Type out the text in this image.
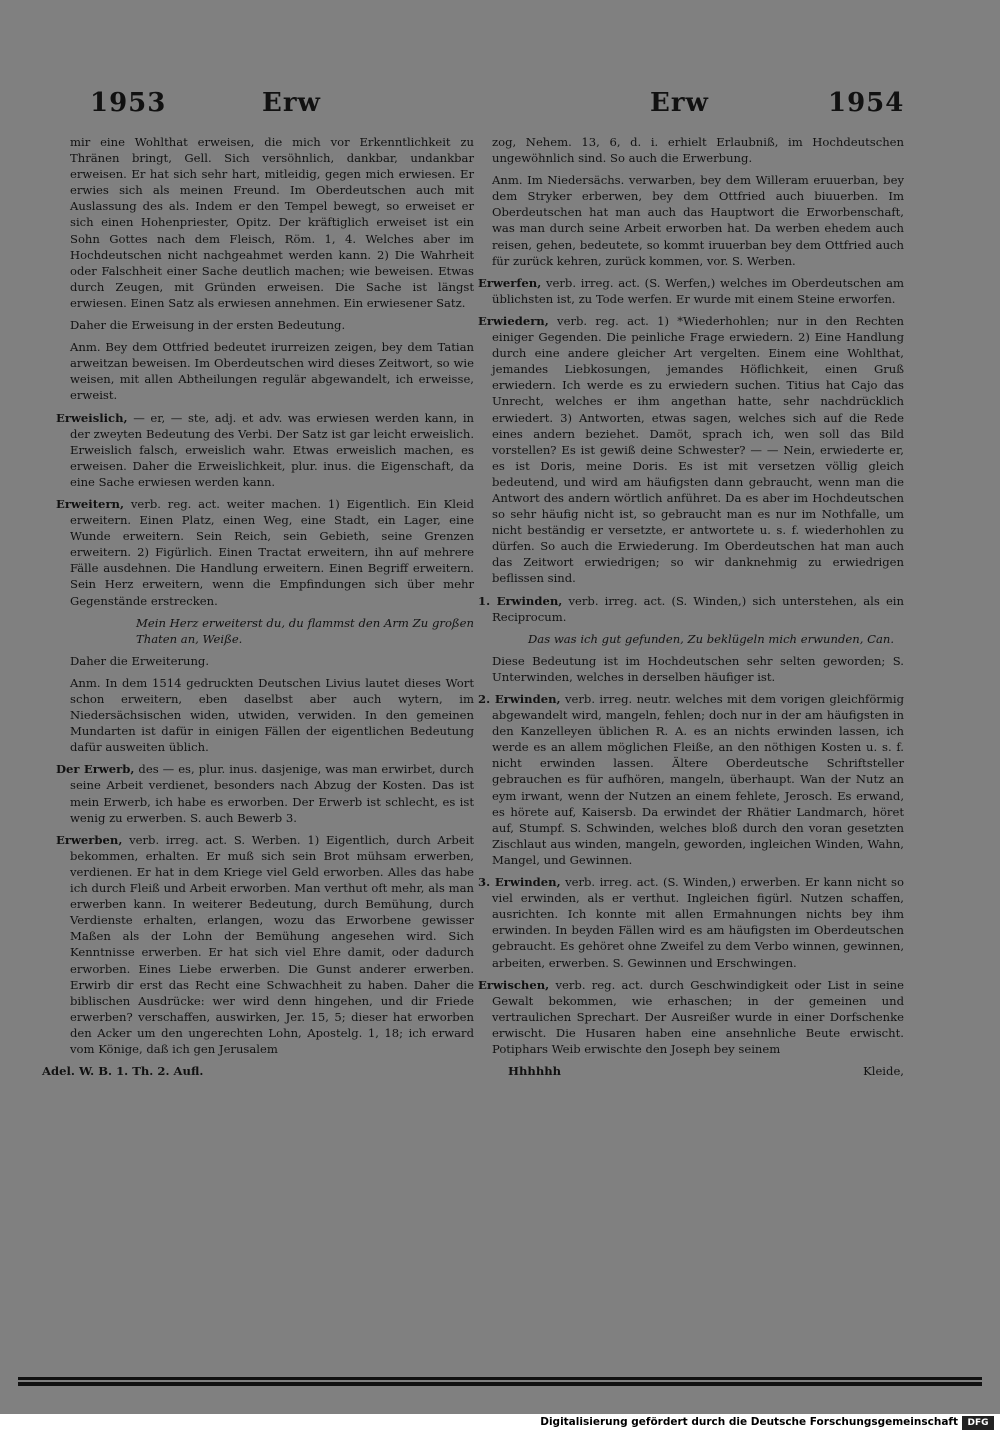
1953	Erw	Erw	1954

mir eine Wohlthat erweisen, die mich vor Erkenntlichkeit zu Thränen bringt, Gell. Sich versöhnlich, dankbar, undankbar erweisen. Er hat sich sehr hart, mitleidig, gegen mich erwiesen. Er erwies sich als meinen Freund. Im Oberdeutschen auch mit Auslassung des als. Indem er den Tempel bewegt, so erweiset er sich einen Hohenpriester, Opitz. Der kräftiglich erweiset ist ein Sohn Gottes nach dem Fleisch, Röm. 1, 4. Welches aber im Hochdeutschen nicht nachgeahmet werden kann. 2) Die Wahrheit oder Falschheit einer Sache deutlich machen; wie beweisen. Etwas durch Zeugen, mit Gründen erweisen. Die Sache ist längst erwiesen. Einen Satz als erwiesen annehmen. Ein erwiesener Satz.

Daher die Erweisung in der ersten Bedeutung.

Anm. Bey dem Ottfried bedeutet irurreizen zeigen, bey dem Tatian arweitzan beweisen. Im Oberdeutschen wird dieses Zeitwort, so wie weisen, mit allen Abtheilungen regulär abgewandelt, ich erweisse, erweist.

Erweislich, — er, — ste, adj. et adv. was erwiesen werden kann, in der zweyten Bedeutung des Verbi. Der Satz ist gar leicht erweislich. Erweislich falsch, erweislich wahr. Etwas erweislich machen, es erweisen. Daher die Erweislichkeit, plur. inus. die Eigenschaft, da eine Sache erwiesen werden kann.

Erweitern, verb. reg. act. weiter machen. 1) Eigentlich. Ein Kleid erweitern. Einen Platz, einen Weg, eine Stadt, ein Lager, eine Wunde erweitern. Sein Reich, sein Gebieth, seine Grenzen erweitern. 2) Figürlich. Einen Tractat erweitern, ihn auf mehrere Fälle ausdehnen. Die Handlung erweitern. Einen Begriff erweitern. Sein Herz erweitern, wenn die Empfindungen sich über mehr Gegenstände erstrecken.

Mein Herz erweiterst du, du flammst den Arm Zu großen Thaten an, Weiße.

Daher die Erweiterung.

Anm. In dem 1514 gedruckten Deutschen Livius lautet dieses Wort schon erweitern, eben daselbst aber auch wytern, im Niedersächsischen widen, utwiden, verwiden. In den gemeinen Mundarten ist dafür in einigen Fällen der eigentlichen Bedeutung dafür ausweiten üblich.

Der Erwerb, des — es, plur. inus. dasjenige, was man erwirbet, durch seine Arbeit verdienet, besonders nach Abzug der Kosten. Das ist mein Erwerb, ich habe es erworben. Der Erwerb ist schlecht, es ist wenig zu erwerben. S. auch Bewerb 3.

Erwerben, verb. irreg. act. S. Werben. 1) Eigentlich, durch Arbeit bekommen, erhalten. Er muß sich sein Brot mühsam erwerben, verdienen. Er hat in dem Kriege viel Geld erworben. Alles das habe ich durch Fleiß und Arbeit erworben. Man verthut oft mehr, als man erwerben kann. In weiterer Bedeutung, durch Bemühung, durch Verdienste erhalten, erlangen, wozu das Erworbene gewisser Maßen als der Lohn der Bemühung angesehen wird. Sich Kenntnisse erwerben. Er hat sich viel Ehre damit, oder dadurch erworben. Eines Liebe erwerben. Die Gunst anderer erwerben. Erwirb dir erst das Recht eine Schwachheit zu haben. Daher die biblischen Ausdrücke: wer wird denn hingehen, und dir Friede erwerben? verschaffen, auswirken, Jer. 15, 5; dieser hat erworben den Acker um den ungerechten Lohn, Apostelg. 1, 18; ich erward vom Könige, daß ich gen Jerusalem

Adel. W. B. 1. Th. 2. Aufl.

zog, Nehem. 13, 6, d. i. erhielt Erlaubniß, im Hochdeutschen ungewöhnlich sind. So auch die Erwerbung.

Anm. Im Niedersächs. verwarben, bey dem Willeram eruuerban, bey dem Stryker erberwen, bey dem Ottfried auch biuuerben. Im Oberdeutschen hat man auch das Hauptwort die Erworbenschaft, was man durch seine Arbeit erworben hat. Da werben ehedem auch reisen, gehen, bedeutete, so kommt iruuerban bey dem Ottfried auch für zurück kehren, zurück kommen, vor. S. Werben.

Erwerfen, verb. irreg. act. (S. Werfen,) welches im Oberdeutschen am üblichsten ist, zu Tode werfen. Er wurde mit einem Steine erworfen.

Erwiedern, verb. reg. act. 1) *Wiederhohlen; nur in den Rechten einiger Gegenden. Die peinliche Frage erwiedern. 2) Eine Handlung durch eine andere gleicher Art vergelten. Einem eine Wohlthat, jemandes Liebkosungen, jemandes Höflichkeit, einen Gruß erwiedern. Ich werde es zu erwiedern suchen. Titius hat Cajo das Unrecht, welches er ihm angethan hatte, sehr nachdrücklich erwiedert. 3) Antworten, etwas sagen, welches sich auf die Rede eines andern beziehet. Damöt, sprach ich, wen soll das Bild vorstellen? Es ist gewiß deine Schwester? — — Nein, erwiederte er, es ist Doris, meine Doris. Es ist mit versetzen völlig gleich bedeutend, und wird am häufigsten dann gebraucht, wenn man die Antwort des andern wörtlich anführet. Da es aber im Hochdeutschen so sehr häufig nicht ist, so gebraucht man es nur im Nothfalle, um nicht beständig er versetzte, er antwortete u. s. f. wiederhohlen zu dürfen. So auch die Erwiederung. Im Oberdeutschen hat man auch das Zeitwort erwiedrigen; so wir danknehmig zu erwiedrigen beflissen sind.

1. Erwinden, verb. irreg. act. (S. Winden,) sich unterstehen, als ein Reciprocum.

Das was ich gut gefunden, Zu beklügeln mich erwunden, Can.

Diese Bedeutung ist im Hochdeutschen sehr selten geworden; S. Unterwinden, welches in derselben häufiger ist.

2. Erwinden, verb. irreg. neutr. welches mit dem vorigen gleichförmig abgewandelt wird, mangeln, fehlen; doch nur in der am häufigsten in den Kanzelleyen üblichen R. A. es an nichts erwinden lassen, ich werde es an allem möglichen Fleiße, an den nöthigen Kosten u. s. f. nicht erwinden lassen. Ältere Oberdeutsche Schriftsteller gebrauchen es für aufhören, mangeln, überhaupt. Wan der Nutz an eym irwant, wenn der Nutzen an einem fehlete, Jerosch. Es erwand, es hörete auf, Kaisersb. Da erwindet der Rhätier Landmarch, höret auf, Stumpf. S. Schwinden, welches bloß durch den voran gesetzten Zischlaut aus winden, mangeln, geworden, ingleichen Winden, Wahn, Mangel, und Gewinnen.

3. Erwinden, verb. irreg. act. (S. Winden,) erwerben. Er kann nicht so viel erwinden, als er verthut. Ingleichen figürl. Nutzen schaffen, ausrichten. Ich konnte mit allen Ermahnungen nichts bey ihm erwinden. In beyden Fällen wird es am häufigsten im Oberdeutschen gebraucht. Es gehöret ohne Zweifel zu dem Verbo winnen, gewinnen, arbeiten, erwerben. S. Gewinnen und Erschwingen.

Erwischen, verb. reg. act. durch Geschwindigkeit oder List in seine Gewalt bekommen, wie erhaschen; in der gemeinen und vertraulichen Sprechart. Der Ausreißer wurde in einer Dorfschenke erwischt. Die Husaren haben eine ansehnliche Beute erwischt. Potiphars Weib erwischte den Joseph bey seinem

Hhhhhh	Kleide,
Digitalisierung gefördert durch die Deutsche Forschungsgemeinschaft	DFG
